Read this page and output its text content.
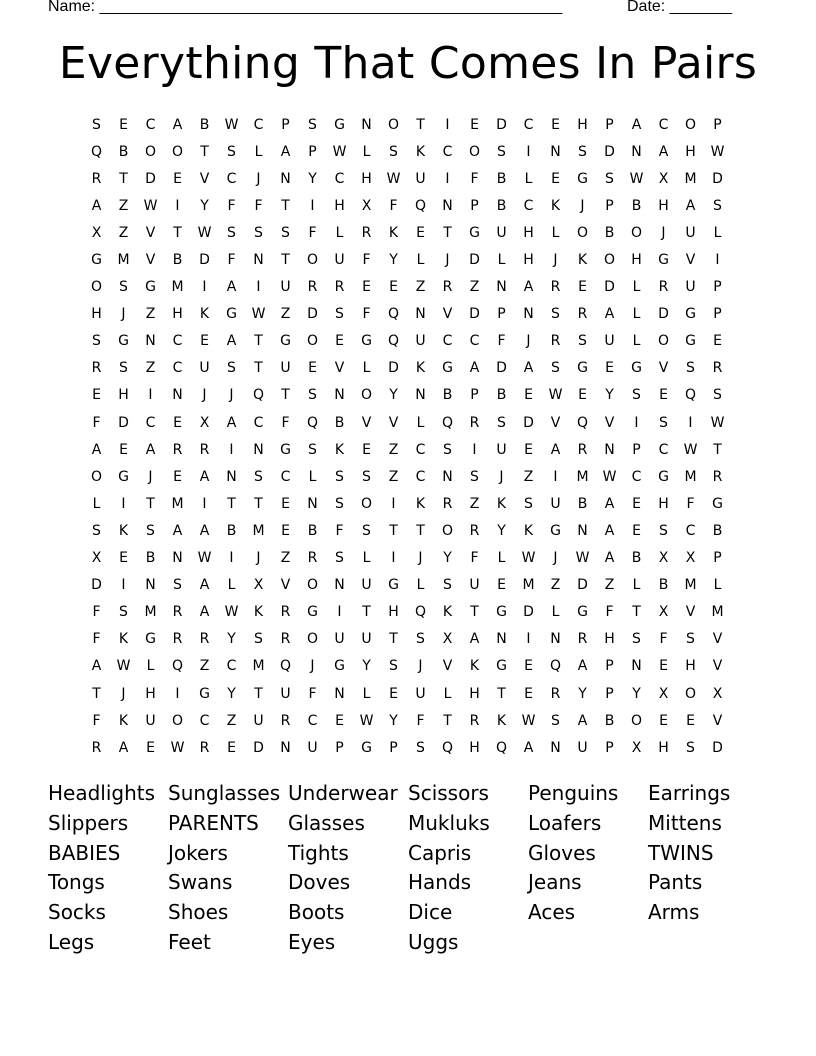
Name: ____________________________________________________	Date: _______
Everything That Comes In Pairs
S	E	C	A	B	W	C	P	S	G	N	O	T	I	E	D	C	E	H	P	A	C	O	P
Q	B	O	O	T	S	L	A	P	W	L	S	K	C	O	S	I	N	S	D	N	A	H	W
R	T	D	E	V	C	J	N	Y	C	H	W	U	I	F	B	L	E	G	S	W	X	M	D
A	Z	W	I	Y	F	F	T	I	H	X	F	Q	N	P	B	C	K	J	P	B	H	A	S
X	Z	V	T	W	S	S	S	F	L	R	K	E	T	G	U	H	L	O	B	O	J	U	L
G	M	V	B	D	F	N	T	O	U	F	Y	L	J	D	L	H	J	K	O	H	G	V	I
O	S	G	M	I	A	I	U	R	R	E	E	Z	R	Z	N	A	R	E	D	L	R	U	P
H	J	Z	H	K	G	W	Z	D	S	F	Q	N	V	D	P	N	S	R	A	L	D	G	P
S	G	N	C	E	A	T	G	O	E	G	Q	U	C	C	F	J	R	S	U	L	O	G	E
R	S	Z	C	U	S	T	U	E	V	L	D	K	G	A	D	A	S	G	E	G	V	S	R
E	H	I	N	J	J	Q	T	S	N	O	Y	N	B	P	B	E	W	E	Y	S	E	Q	S
F	D	C	E	X	A	C	F	Q	B	V	V	L	Q	R	S	D	V	Q	V	I	S	I	W
A	E	A	R	R	I	N	G	S	K	E	Z	C	S	I	U	E	A	R	N	P	C	W	T
O	G	J	E	A	N	S	C	L	S	S	Z	C	N	S	J	Z	I	M	W	C	G	M	R
L	I	T	M	I	T	T	E	N	S	O	I	K	R	Z	K	S	U	B	A	E	H	F	G
S	K	S	A	A	B	M	E	B	F	S	T	T	O	R	Y	K	G	N	A	E	S	C	B
X	E	B	N	W	I	J	Z	R	S	L	I	J	Y	F	L	W	J	W	A	B	X	X	P
D	I	N	S	A	L	X	V	O	N	U	G	L	S	U	E	M	Z	D	Z	L	B	M	L
F	S	M	R	A	W	K	R	G	I	T	H	Q	K	T	G	D	L	G	F	T	X	V	M
F	K	G	R	R	Y	S	R	O	U	U	T	S	X	A	N	I	N	R	H	S	F	S	V
A	W	L	Q	Z	C	M	Q	J	G	Y	S	J	V	K	G	E	Q	A	P	N	E	H	V
T	J	H	I	G	Y	T	U	F	N	L	E	U	L	H	T	E	R	Y	P	Y	X	O	X
F	K	U	O	C	Z	U	R	C	E	W	Y	F	T	R	K	W	S	A	B	O	E	E	V
R	A	E	W	R	E	D	N	U	P	G	P	S	Q	H	Q	A	N	U	P	X	H	S	D
Headlights Sunglasses Underwear Scissors	Penguins	Earrings
Slippers	PARENTS	Glasses	Mukluks	Loafers	Mittens
BABIES	Jokers	Tights	Capris	Gloves	TWINS
Tongs	Swans	Doves	Hands	Jeans	Pants
Socks	Shoes	Boots	Dice	Aces	Arms
Legs	Feet	Eyes	Uggs
